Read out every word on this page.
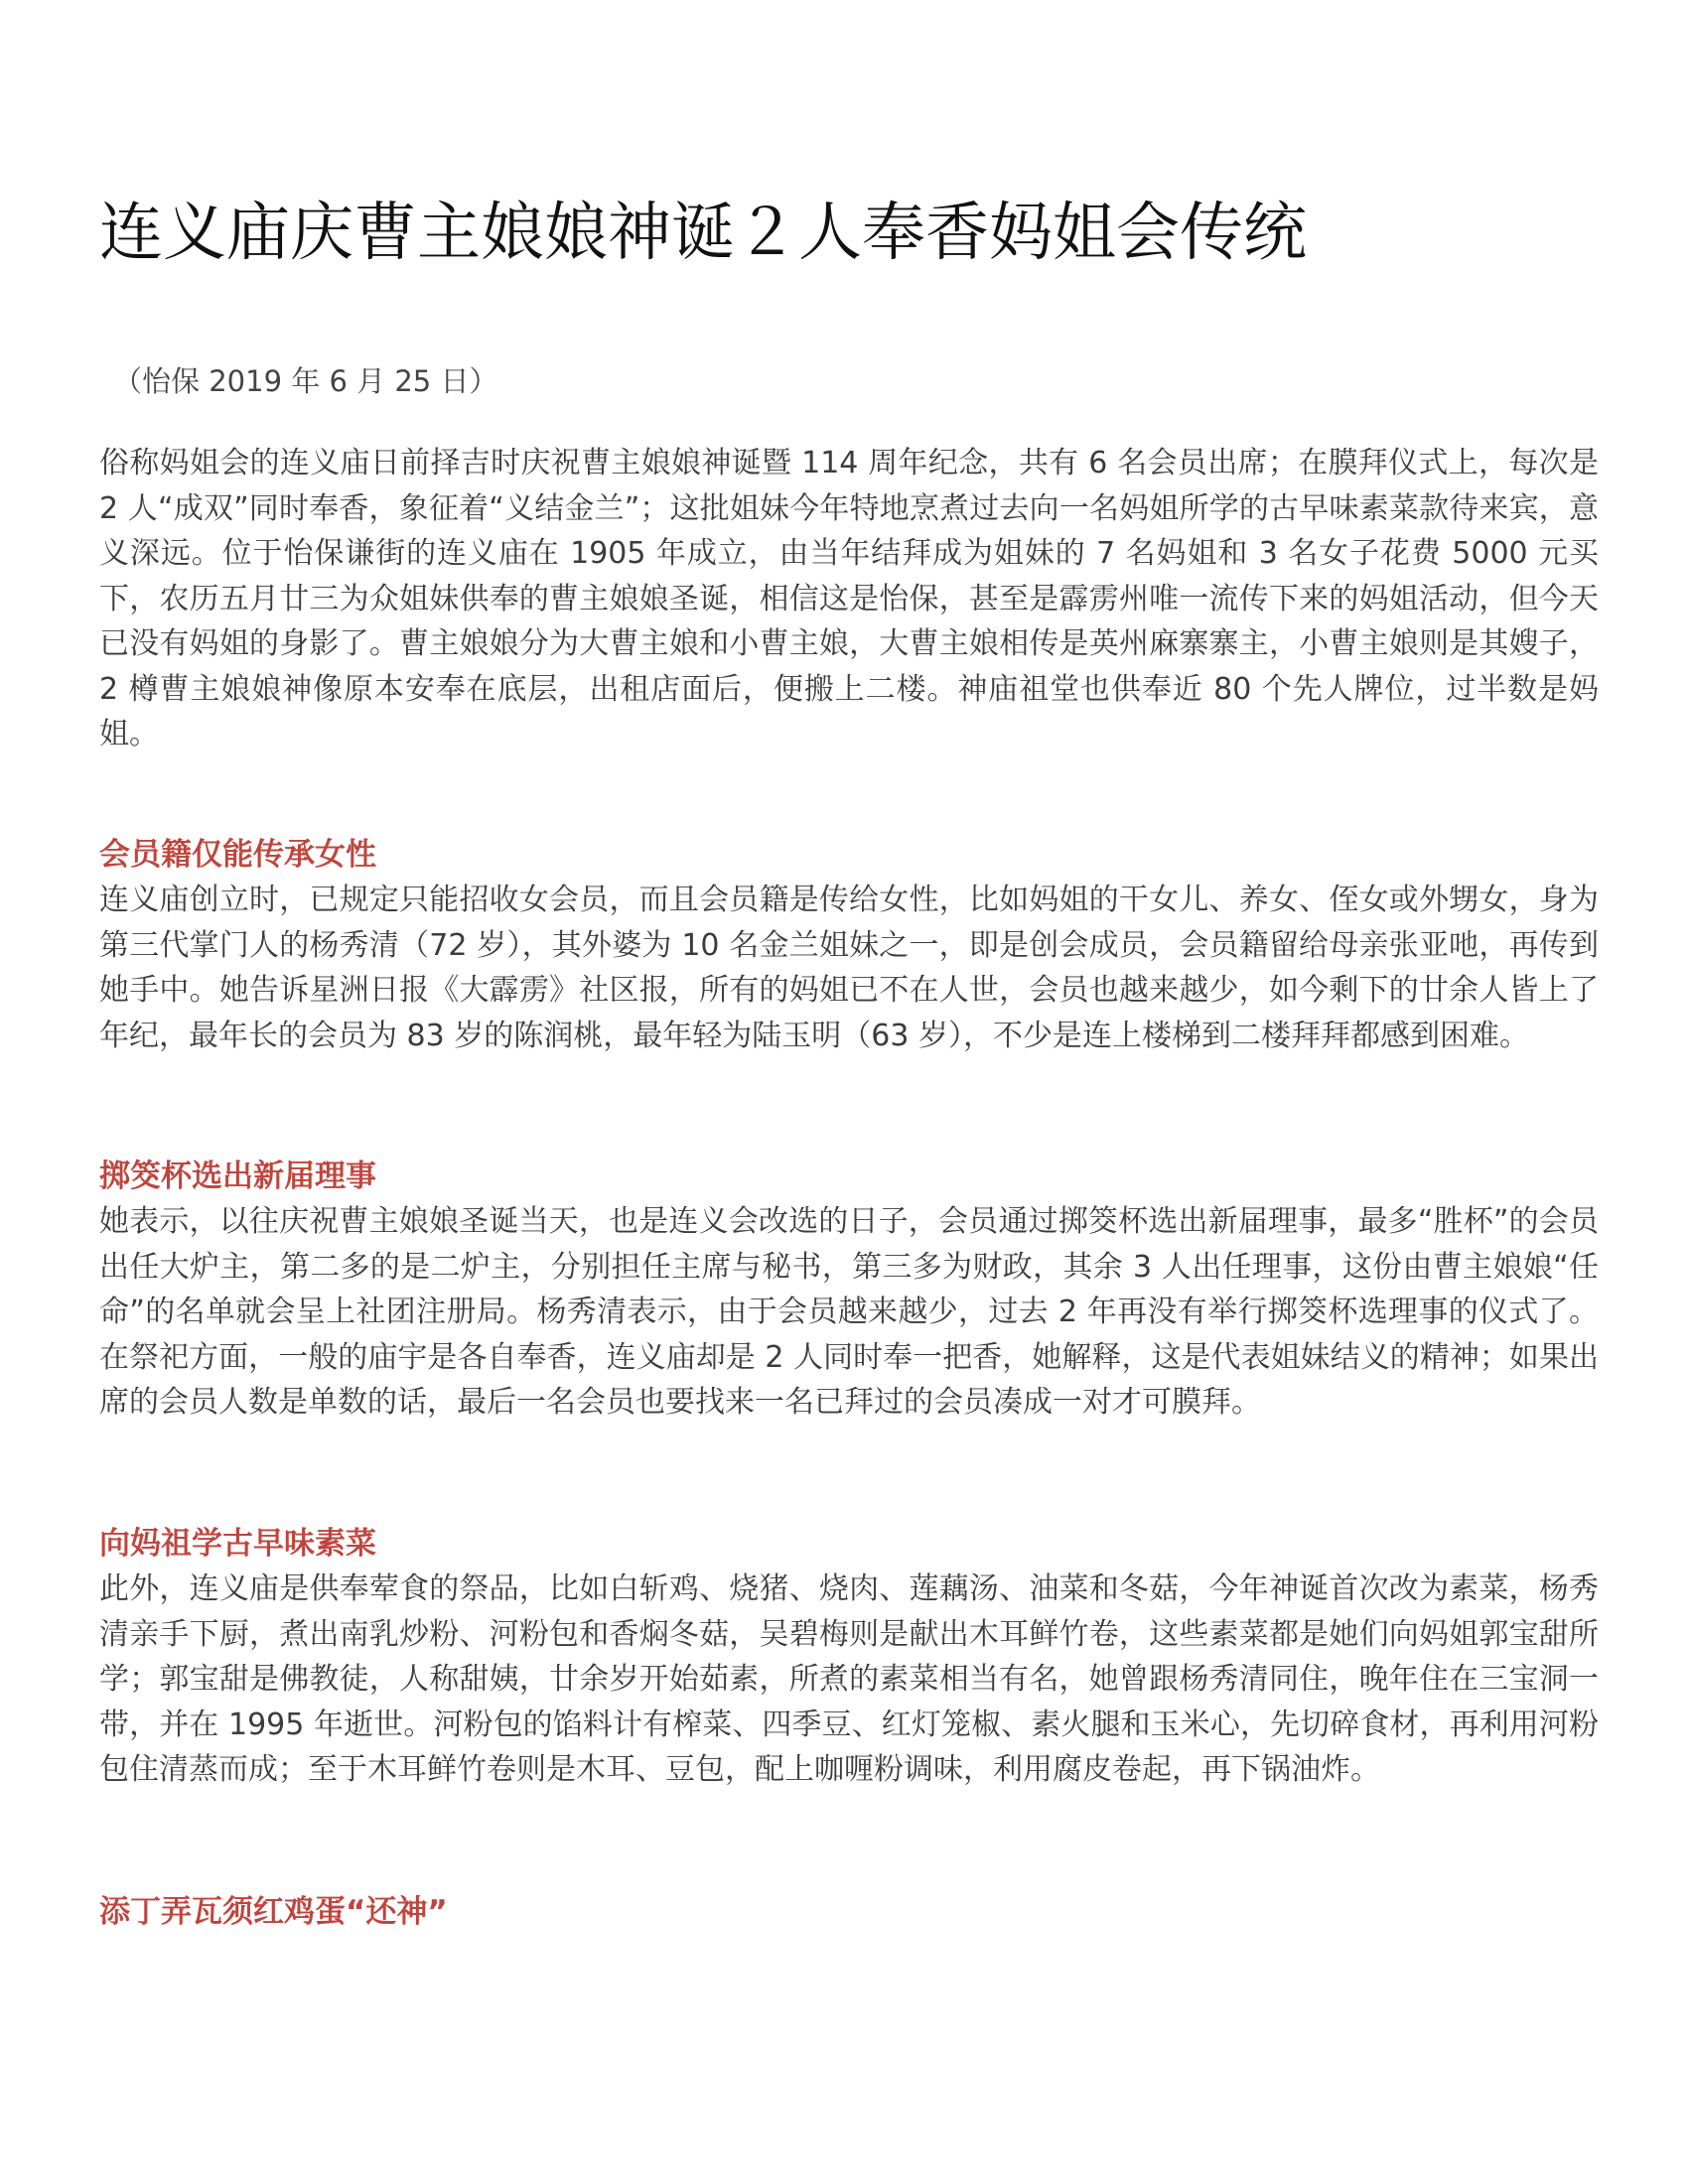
连义庙庆曹主娘娘神诞２人奉香妈姐会传统

（怡保 2019 年 6 月 25 日）

俗称妈姐会的连义庙日前择吉时庆祝曹主娘娘神诞暨 114 周年纪念，共有 6 名会员出席；在膜拜仪式上，每次是 2 人“成双”同时奉香，象征着“义结金兰”；这批姐妹今年特地烹煮过去向一名妈姐所学的古早味素菜款待来宾，意义深远。位于怡保谦街的连义庙在 1905 年成立，由当年结拜成为姐妹的 7 名妈姐和 3 名女子花费 5000 元买下，农历五月廿三为众姐妹供奉的曹主娘娘圣诞，相信这是怡保，甚至是霹雳州唯一流传下来的妈姐活动，但今天已没有妈姐的身影了。曹主娘娘分为大曹主娘和小曹主娘，大曹主娘相传是英州麻寨寨主，小曹主娘则是其嫂子，2 樽曹主娘娘神像原本安奉在底层，出租店面后，便搬上二楼。神庙祖堂也供奉近 80 个先人牌位，过半数是妈姐。

会员籍仅能传承女性

连义庙创立时，已规定只能招收女会员，而且会员籍是传给女性，比如妈姐的干女儿、养女、侄女或外甥女，身为第三代掌门人的杨秀清（72 岁），其外婆为 10 名金兰姐妹之一，即是创会成员，会员籍留给母亲张亚吔，再传到她手中。她告诉星洲日报《大霹雳》社区报，所有的妈姐已不在人世，会员也越来越少，如今剩下的廿余人皆上了年纪，最年长的会员为 83 岁的陈润桃，最年轻为陆玉明（63 岁），不少是连上楼梯到二楼拜拜都感到困难。

掷筊杯选出新届理事

她表示，以往庆祝曹主娘娘圣诞当天，也是连义会改选的日子，会员通过掷筊杯选出新届理事，最多“胜杯”的会员出任大炉主，第二多的是二炉主，分别担任主席与秘书，第三多为财政，其余 3 人出任理事，这份由曹主娘娘“任命”的名单就会呈上社团注册局。杨秀清表示，由于会员越来越少，过去 2 年再没有举行掷筊杯选理事的仪式了。在祭祀方面，一般的庙宇是各自奉香，连义庙却是 2 人同时奉一把香，她解释，这是代表姐妹结义的精神；如果出席的会员人数是单数的话，最后一名会员也要找来一名已拜过的会员凑成一对才可膜拜。

向妈祖学古早味素菜

此外，连义庙是供奉荤食的祭品，比如白斩鸡、烧猪、烧肉、莲藕汤、油菜和冬菇，今年神诞首次改为素菜，杨秀清亲手下厨，煮出南乳炒粉、河粉包和香焖冬菇，吴碧梅则是献出木耳鲜竹卷，这些素菜都是她们向妈姐郭宝甜所学；郭宝甜是佛教徒，人称甜姨，廿余岁开始茹素，所煮的素菜相当有名，她曾跟杨秀清同住，晚年住在三宝洞一带，并在 1995 年逝世。河粉包的馅料计有榨菜、四季豆、红灯笼椒、素火腿和玉米心，先切碎食材，再利用河粉包住清蒸而成；至于木耳鲜竹卷则是木耳、豆包，配上咖喱粉调味，利用腐皮卷起，再下锅油炸。

添丁弄瓦须红鸡蛋“还神”
